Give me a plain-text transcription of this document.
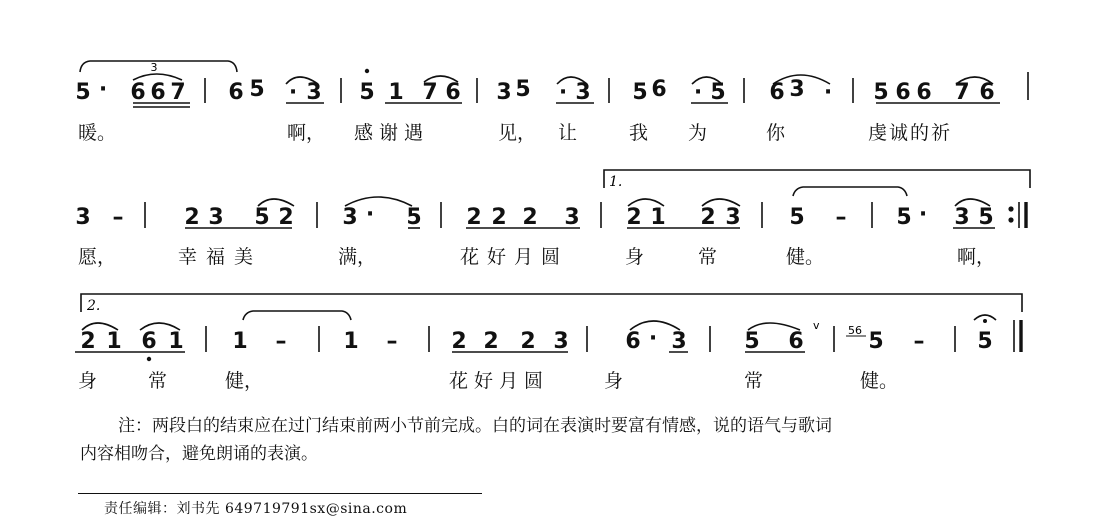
5 · 6 6 7 6 5 · 3 5 1 7 6 3 5 · 3 5 6 · 5 6 3 · 5 6 6 7 6
3
暖。	啊， 感谢遇	见， 让	我 为	你	虔诚的祈
3 –	2 3 5 2 3 · 5 2 2 2 3 2 1 2 3 5 – 5 · 3 5
1.
愿，	幸福美	满，	花好月圆	身	常	健。	啊，
2 1 6 1 1 –	1 – 2 2 2 3	6 · 3	5 6	5 – 5
2.
v	56
身	常	健，	花好月圆	身	常	健。
注：两段白的结束应在过门结束前两小节前完成。白的词在表演时要富有情感，说的语气与歌词
内容相吻合，避免朗诵的表演。
责任编辑：刘书先 649719791sx@sina.com
